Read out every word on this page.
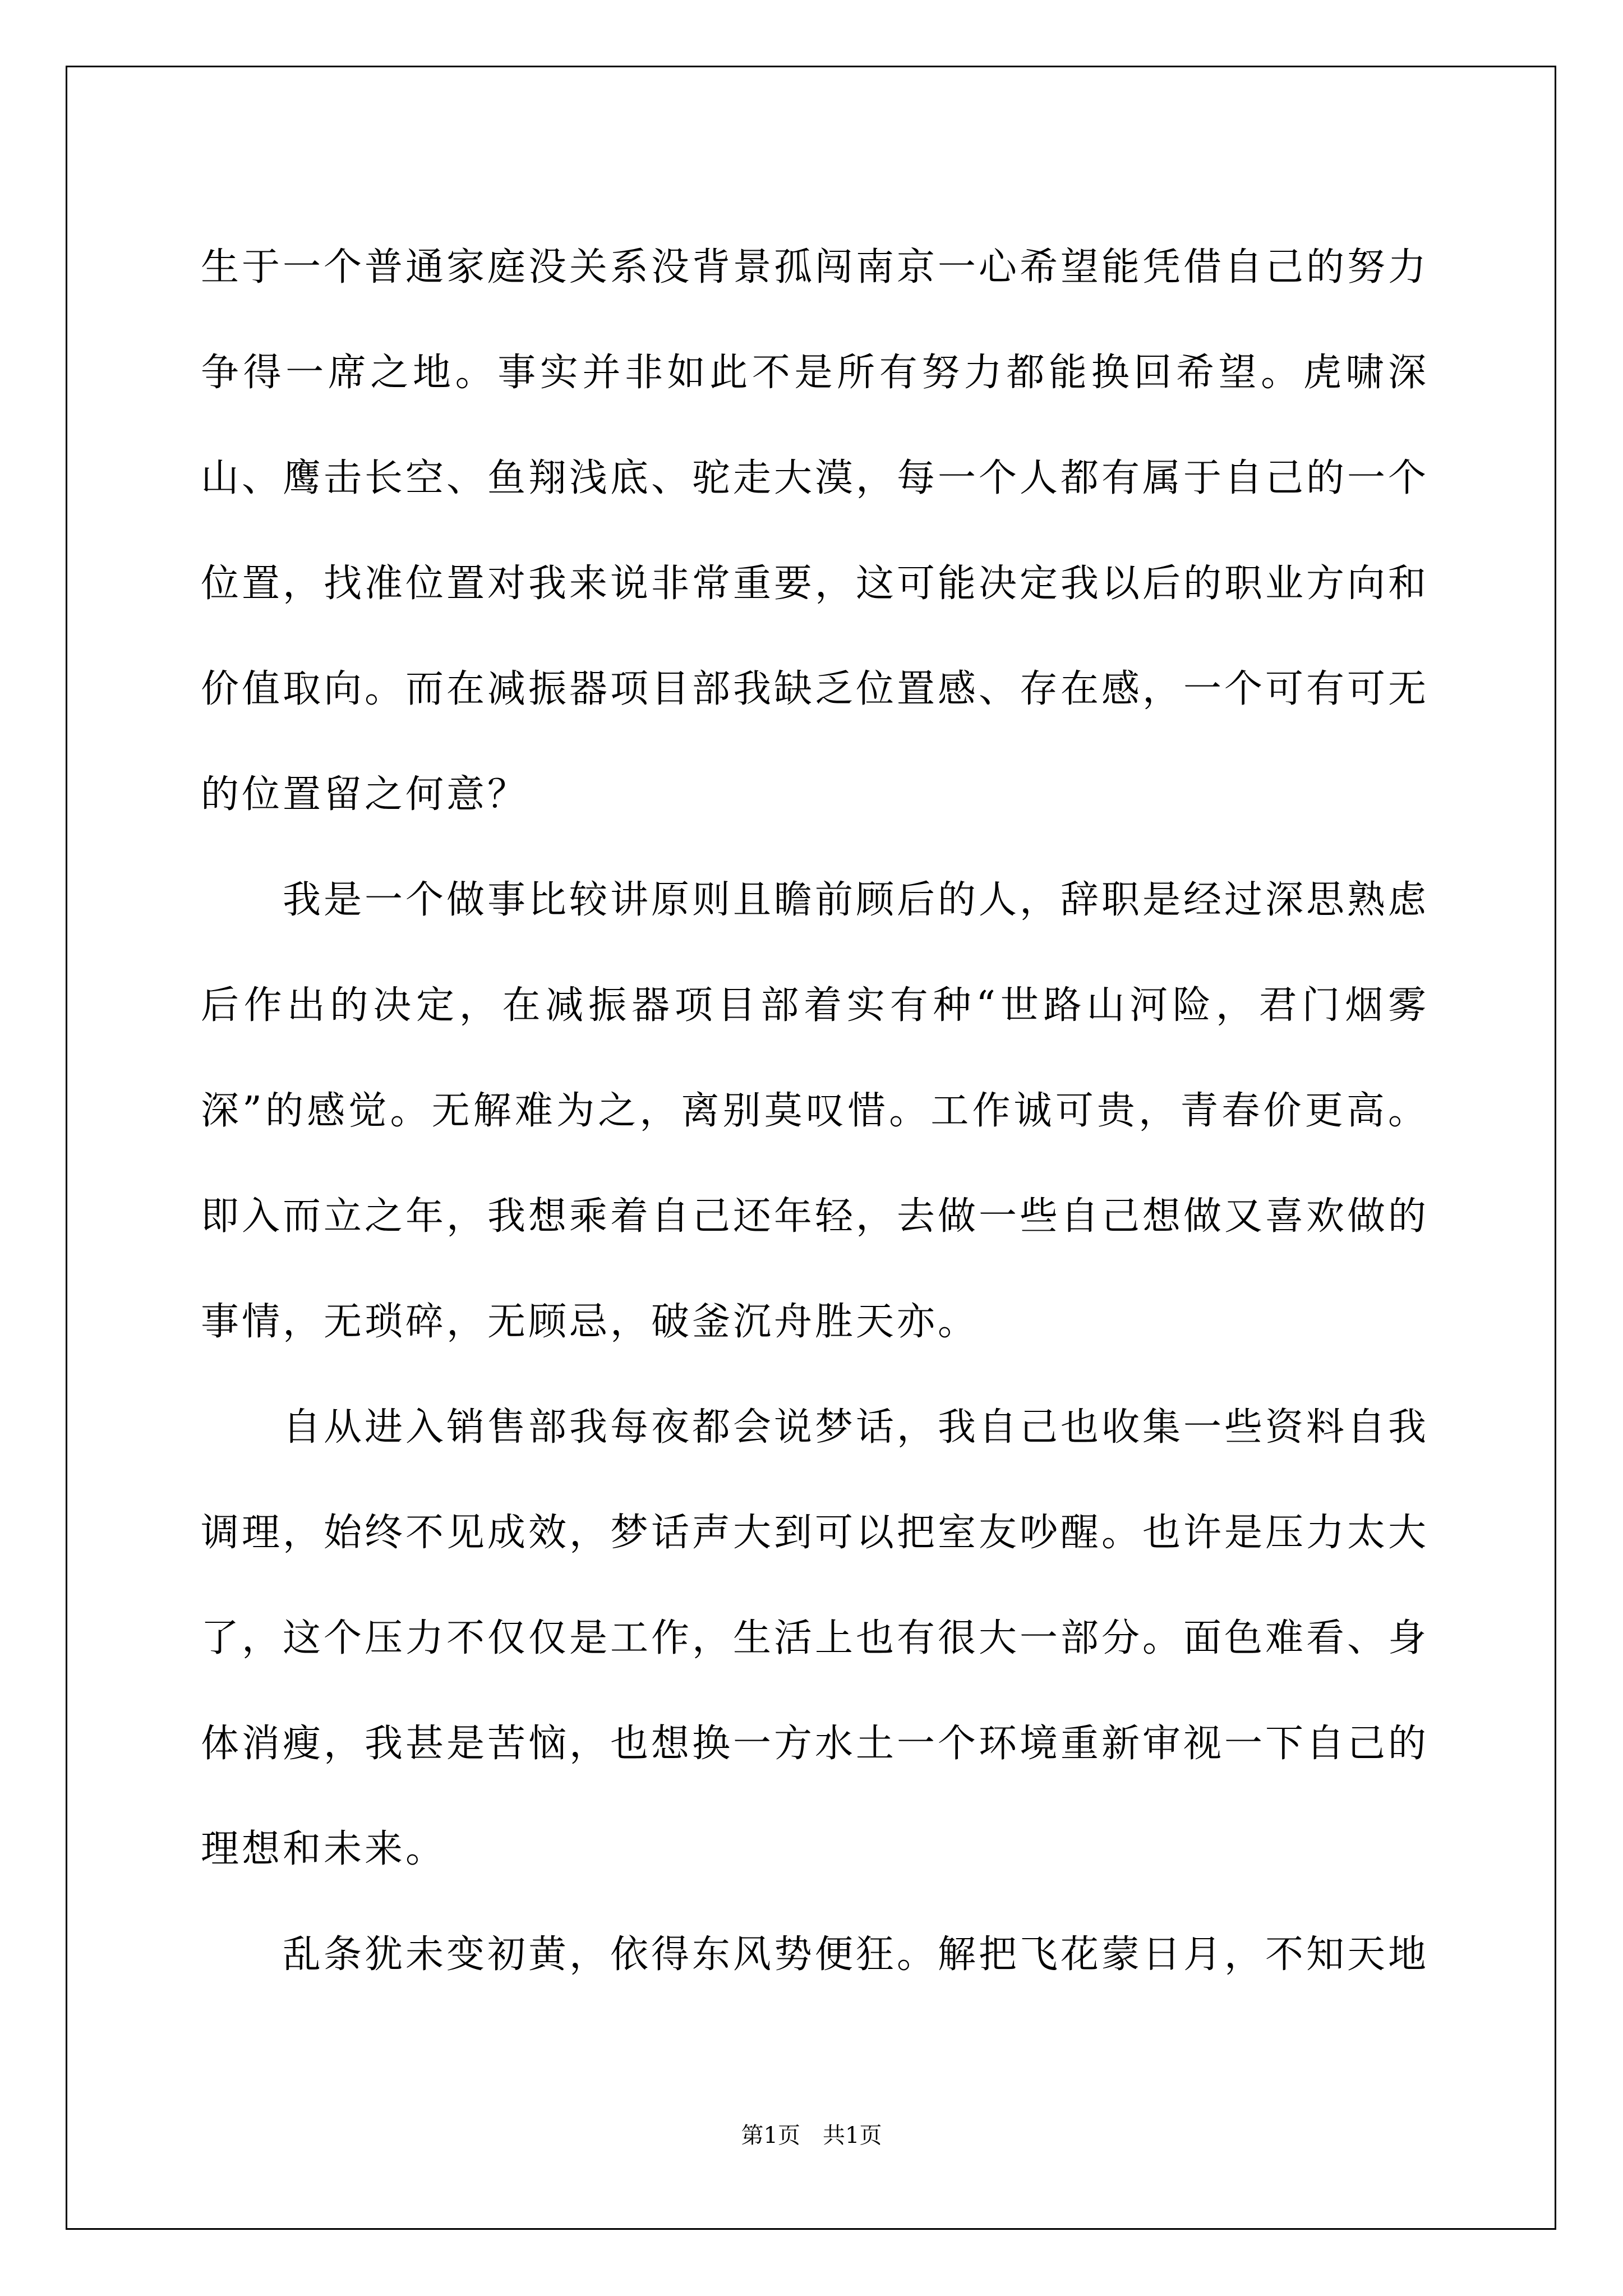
生于一个普通家庭没关系没背景孤闯南京一心希望能凭借自己的努力争得一席之地。事实并非如此不是所有努力都能换回希望。虎啸深山、鹰击长空、鱼翔浅底、驼走大漠，每一个人都有属于自己的一个位置，找准位置对我来说非常重要，这可能决定我以后的职业方向和价值取向。而在减振器项目部我缺乏位置感、存在感，一个可有可无的位置留之何意？

我是一个做事比较讲原则且瞻前顾后的人，辞职是经过深思熟虑后作出的决定，在减振器项目部着实有种“世路山河险，君门烟雾深”的感觉。无解难为之，离别莫叹惜。工作诚可贵，青春价更高。即入而立之年，我想乘着自己还年轻，去做一些自己想做又喜欢做的事情，无琐碎，无顾忌，破釜沉舟胜天亦。

自从进入销售部我每夜都会说梦话，我自己也收集一些资料自我调理，始终不见成效，梦话声大到可以把室友吵醒。也许是压力太大了，这个压力不仅仅是工作，生活上也有很大一部分。面色难看、身体消瘦，我甚是苦恼，也想换一方水土一个环境重新审视一下自己的理想和未来。

乱条犹未变初黄，依得东风势便狂。解把飞花蒙日月，不知天地

第1页　共1页
